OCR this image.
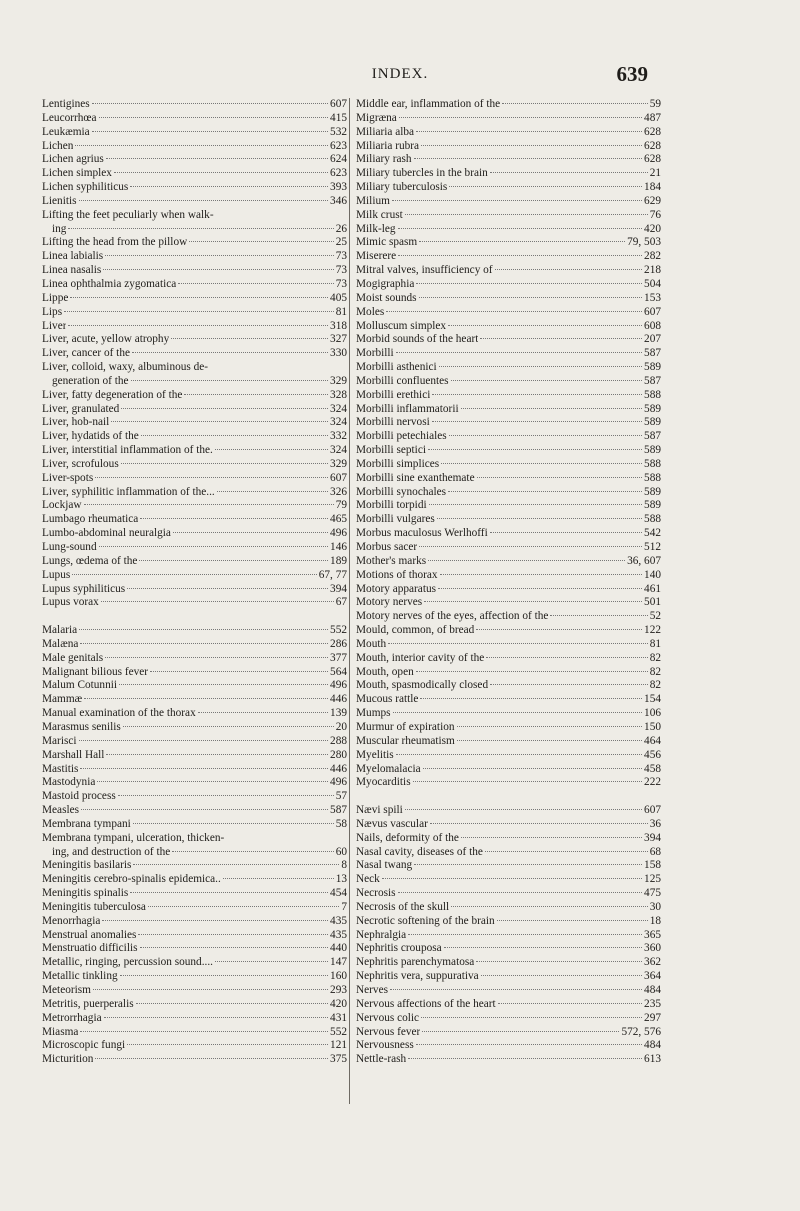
INDEX.	639
Lentigines	607
Leucorrhœa	415
Leukæmia	532
Lichen	623
Lichen agrius	624
Lichen simplex	623
Lichen syphiliticus	393
Lienitis	346
Lifting the feet peculiarly when walk-
ing	26
Lifting the head from the pillow	25
Linea labialis	73
Linea nasalis	73
Linea ophthalmia zygomatica	73
Lippe	405
Lips	81
Liver	318
Liver, acute, yellow atrophy	327
Liver, cancer of the	330
Liver, colloid, waxy, albuminous de-
generation of the	329
Liver, fatty degeneration of the	328
Liver, granulated	324
Liver, hob-nail	324
Liver, hydatids of the	332
Liver, interstitial inflammation of the.	324
Liver, scrofulous	329
Liver-spots	607
Liver, syphilitic inflammation of the...	326
Lockjaw	79
Lumbago rheumatica	465
Lumbo-abdominal neuralgia	496
Lung-sound	146
Lungs, œdema of the	189
Lupus	67, 77
Lupus syphiliticus	394
Lupus vorax	67
Malaria	552
Malæna	286
Male genitals	377
Malignant bilious fever	564
Malum Cotunnii	496
Mammæ	446
Manual examination of the thorax	139
Marasmus senilis	20
Marisci	288
Marshall Hall	280
Mastitis	446
Mastodynia	496
Mastoid process	57
Measles	587
Membrana tympani	58
Membrana tympani, ulceration, thicken-
ing, and destruction of the	60
Meningitis basilaris	8
Meningitis cerebro-spinalis epidemica..	13
Meningitis spinalis	454
Meningitis tuberculosa	7
Menorrhagia	435
Menstrual anomalies	435
Menstruatio difficilis	440
Metallic, ringing, percussion sound....	147
Metallic tinkling	160
Meteorism	293
Metritis, puerperalis	420
Metrorrhagia	431
Miasma	552
Microscopic fungi	121
Micturition	375
Middle ear, inflammation of the	59
Migræna	487
Miliaria alba	628
Miliaria rubra	628
Miliary rash	628
Miliary tubercles in the brain	21
Miliary tuberculosis	184
Milium	629
Milk crust	76
Milk-leg	420
Mimic spasm	79, 503
Miserere	282
Mitral valves, insufficiency of	218
Mogigraphia	504
Moist sounds	153
Moles	607
Molluscum simplex	608
Morbid sounds of the heart	207
Morbilli	587
Morbilli asthenici	589
Morbilli confluentes	587
Morbilli erethici	588
Morbilli inflammatorii	589
Morbilli nervosi	589
Morbilli petechiales	587
Morbilli septici	589
Morbilli simplices	588
Morbilli sine exanthemate	588
Morbilli synochales	589
Morbilli torpidi	589
Morbilli vulgares	588
Morbus maculosus Werlhoffi	542
Morbus sacer	512
Mother's marks	36, 607
Motions of thorax	140
Motory apparatus	461
Motory nerves	501
Motory nerves of the eyes, affection of the	52
Mould, common, of bread	122
Mouth	81
Mouth, interior cavity of the	82
Mouth, open	82
Mouth, spasmodically closed	82
Mucous rattle	154
Mumps	106
Murmur of expiration	150
Muscular rheumatism	464
Myelitis	456
Myelomalacia	458
Myocarditis	222
Nævi spili	607
Nævus vascular	36
Nails, deformity of the	394
Nasal cavity, diseases of the	68
Nasal twang	158
Neck	125
Necrosis	475
Necrosis of the skull	30
Necrotic softening of the brain	18
Nephralgia	365
Nephritis crouposa	360
Nephritis parenchymatosa	362
Nephritis vera, suppurativa	364
Nerves	484
Nervous affections of the heart	235
Nervous colic	297
Nervous fever	572, 576
Nervousness	484
Nettle-rash	613
